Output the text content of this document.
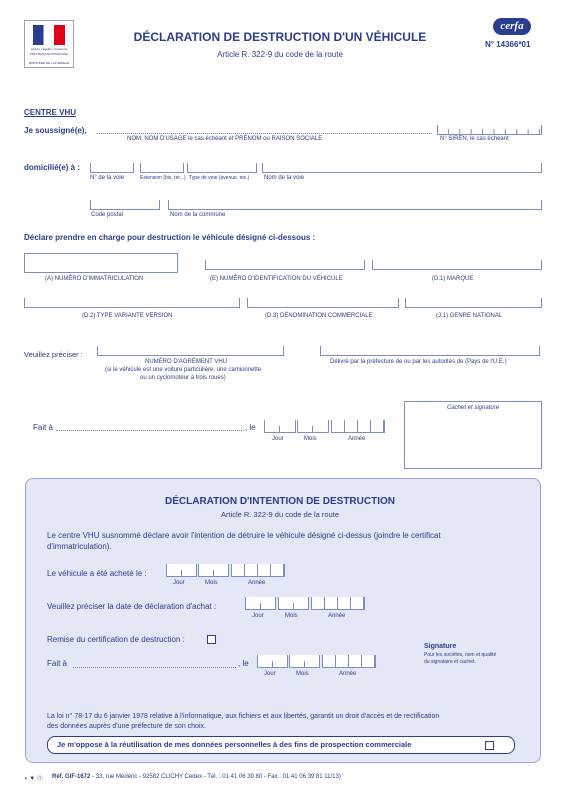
Liberté • Égalité • Fraternité
RÉPUBLIQUE FRANÇAISE
MINISTÈRE DE L'INTÉRIEUR
DÉCLARATION DE DESTRUCTION D'UN VÉHICULE
Article R. 322-9 du code de la route
cerfa
N° 14366*01
CENTRE VHU
Je soussigné(e),
NOM, NOM D'USAGE le cas échéant et PRÉNOM ou RAISON SOCIALE	N° SIREN, le cas échéant
domicilié(e) à :
N° de la voie	Extension (bis, ter...) Type de voie (avenue, etc.) Nom de la voie
Code postal	Nom de la commune
Déclare prendre en charge pour destruction le véhicule désigné ci-dessous :
(A) NUMÉRO D'IMMATRICULATION	(E) NUMÉRO D'IDENTIFICATION DU VÉHICULE	(D.1) MARQUE
(D.2) TYPE VARIANTE VERSION	(D.3) DÉNOMINATION COMMERCIALE	(J.1) GENRE NATIONAL
Veuillez préciser :
NUMÉRO D'AGRÉMENT VHU
(si le véhicule est une voiture particulière, une camionnette
ou un cyclomoteur à trois roues)
Délivré par la préfecture de ou par les autorités de (Pays de l'U.E.)
Fait à	, le
Jour	Mois	Année
Cachet et signature
DÉCLARATION D'INTENTION DE DESTRUCTION
Article R. 322-9 du code de la route
Le centre VHU susnommé déclare avoir l'intention de détruire le véhicule désigné ci-dessus (joindre le certificat
d'immatriculation).
Le véhicule a été acheté le :
Jour	Mois	Année
Veuillez préciser la date de déclaration d'achat :
Jour	Mois	Année
Remise du certification de destruction :
Signature
Pour les sociétés, nom et qualité
du signataire et cachet.
Fait à	, le
Jour	Mois	Année
La loi n° 78-17 du 6 janvier 1978 relative à l'informatique, aux fichiers et aux libertés, garantit un droit d'accès et de rectification
des données auprès d'une préfecture de son choix.
Je m'oppose à la réutilisation de mes données personnelles à des fins de prospection commerciale
◗ ▼ Ⓐ Réf. GIF-1672 - 33, rue Médéric - 92582 CLICHY Cedex - Tél. : 01 41 06 39 80 - Fax : 01 41 06 39 81 11/13)
